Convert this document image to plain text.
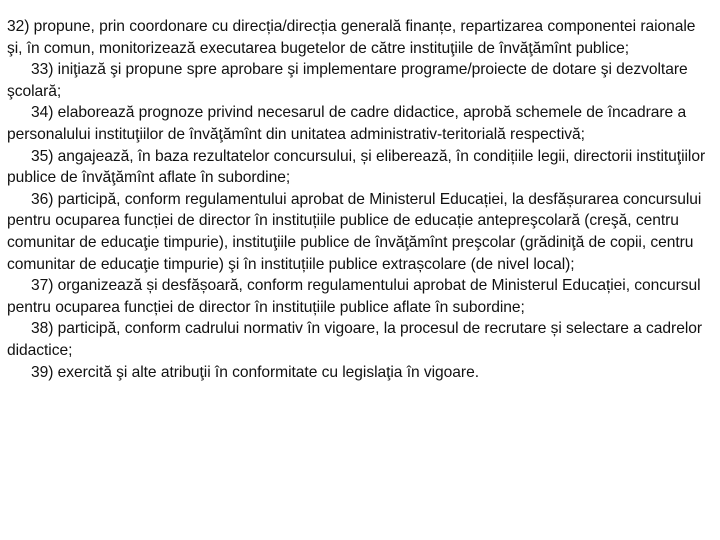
32) propune, prin coordonare cu direcția/direcția generală finanțe, repartizarea componentei raionale şi, în comun, monitorizează executarea bugetelor de către instituţiile de învăţămînt publice;

33) iniţiază şi propune spre aprobare şi implementare programe/proiecte de dotare şi dezvoltare şcolară;

34) elaborează prognoze privind necesarul de cadre didactice, aprobă schemele de încadrare a personalului instituţiilor de învăţămînt din unitatea administrativ-teritorială respectivă;

35) angajează, în baza rezultatelor concursului, și eliberează, în condițiile legii, directorii instituţiilor publice de învăţămînt aflate în subordine;

36) participă, conform regulamentului aprobat de Ministerul Educației, la desfășurarea concursului pentru ocuparea funcției de director în instituțiile publice de educație antepreşcolară (creşă, centru comunitar de educaţie timpurie), instituţiile publice de învăţămînt preşcolar (grădiniţă de copii, centru comunitar de educaţie timpurie) şi în instituțiile publice extrașcolare (de nivel local);

37) organizează și desfășoară, conform regulamentului aprobat de Ministerul Educației, concursul pentru ocuparea funcției de director în instituțiile publice aflate în subordine;

38) participă, conform cadrului normativ în vigoare, la procesul de recrutare și selectare a cadrelor didactice;

39) exercită şi alte atribuţii în conformitate cu legislaţia în vigoare.
